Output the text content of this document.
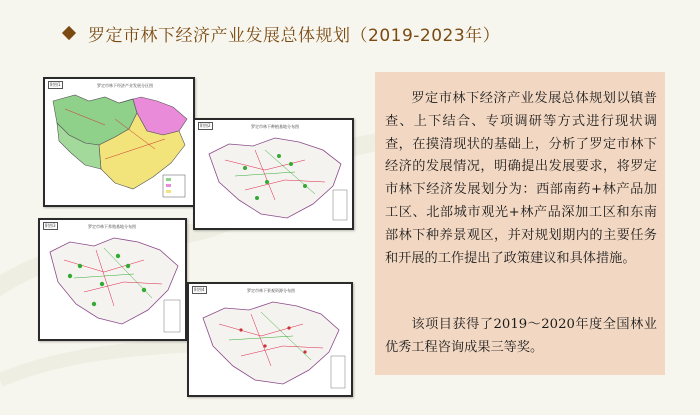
罗定市林下经济产业发展总体规划（2019-2023年）
附图1	罗定市林下经济产业发展分区图
附图2	罗定市林下种植基地分布图
附图3	罗定市林下养殖基地分布图
附图4	罗定市林下景观资源分布图
罗定市林下经济产业发展总体规划以镇普查、上下结合、专项调研等方式进行现状调查，在摸清现状的基础上，分析了罗定市林下经济的发展情况，明确提出发展要求，将罗定市林下经济发展划分为：西部南药+林产品加工区、北部城市观光+林产品深加工区和东南部林下种养景观区，并对规划期内的主要任务和开展的工作提出了政策建议和具体措施。
该项目获得了2019～2020年度全国林业优秀工程咨询成果三等奖。
